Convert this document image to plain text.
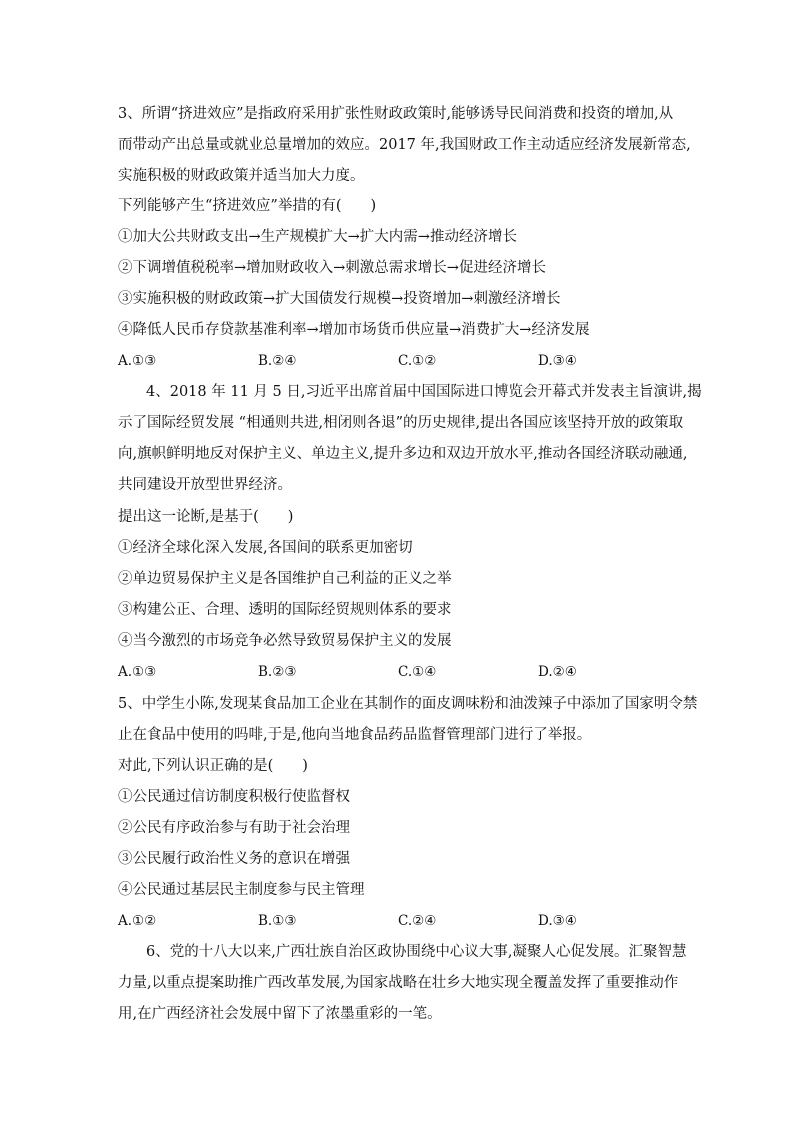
3、所谓“挤进效应”是指政府采用扩张性财政政策时,能够诱导民间消费和投资的增加,从
而带动产出总量或就业总量增加的效应。2017 年,我国财政工作主动适应经济发展新常态,
实施积极的财政政策并适当加大力度。
下列能够产生“挤进效应”举措的有(　　)
①加大公共财政支出→生产规模扩大→扩大内需→推动经济增长
②下调增值税税率→增加财政收入→刺激总需求增长→促进经济增长
③实施积极的财政政策→扩大国债发行规模→投资增加→刺激经济增长
④降低人民币存贷款基准利率→增加市场货币供应量→消费扩大→经济发展
A.①③	B.②④	C.①②	D.③④
4、2018 年 11 月 5 日,习近平出席首届中国国际进口博览会开幕式并发表主旨演讲,揭
示了国际经贸发展 “相通则共进,相闭则各退”的历史规律,提出各国应该坚持开放的政策取
向,旗帜鲜明地反对保护主义、单边主义,提升多边和双边开放水平,推动各国经济联动融通,
共同建设开放型世界经济。
提出这一论断,是基于(　　)
①经济全球化深入发展,各国间的联系更加密切
②单边贸易保护主义是各国维护自己利益的正义之举
③构建公正、合理、透明的国际经贸规则体系的要求
④当今激烈的市场竞争必然导致贸易保护主义的发展
A.①③	B.②③	C.①④	D.②④
5、中学生小陈,发现某食品加工企业在其制作的面皮调味粉和油泼辣子中添加了国家明令禁
止在食品中使用的吗啡,于是,他向当地食品药品监督管理部门进行了举报。
对此,下列认识正确的是(　　)
①公民通过信访制度积极行使监督权
②公民有序政治参与有助于社会治理
③公民履行政治性义务的意识在增强
④公民通过基层民主制度参与民主管理
A.①②	B.①③	C.②④	D.③④
6、党的十八大以来,广西壮族自治区政协围绕中心议大事,凝聚人心促发展。汇聚智慧
力量,以重点提案助推广西改革发展,为国家战略在壮乡大地实现全覆盖发挥了重要推动作
用,在广西经济社会发展中留下了浓墨重彩的一笔。
